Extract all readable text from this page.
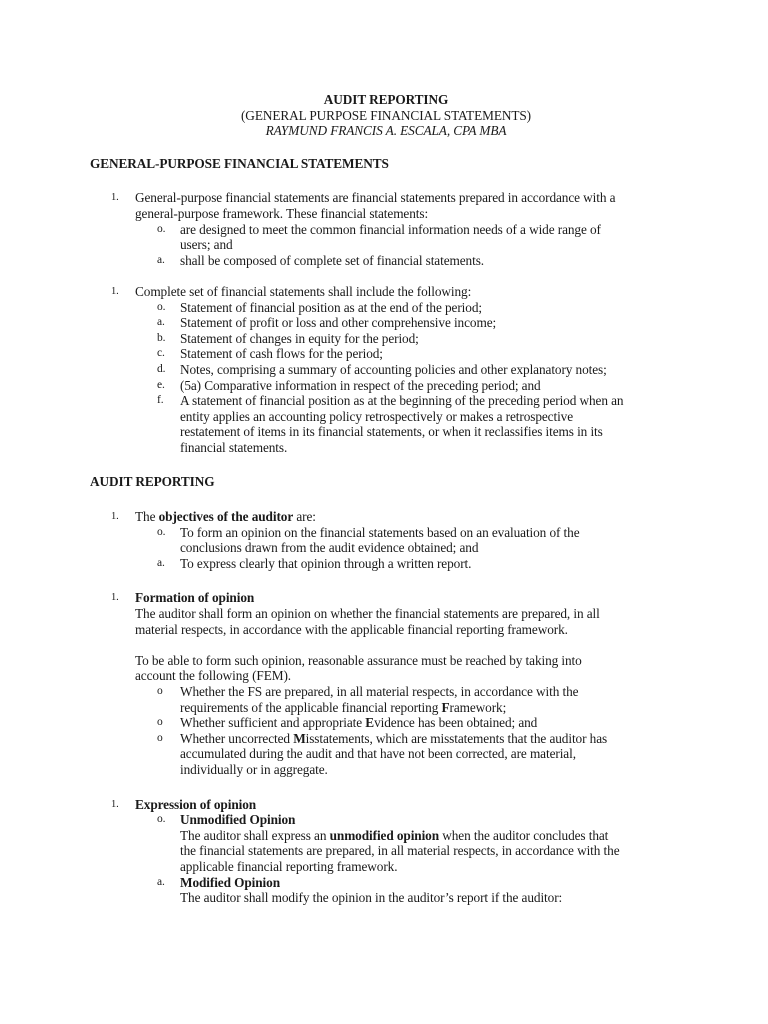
AUDIT REPORTING
(GENERAL PURPOSE FINANCIAL STATEMENTS)
RAYMUND FRANCIS A. ESCALA, CPA MBA
GENERAL-PURPOSE FINANCIAL STATEMENTS
1.	General-purpose financial statements are financial statements prepared in accordance with a
general-purpose framework. These financial statements:
o.	are designed to meet the common financial information needs of a wide range of
users; and
a.	shall be composed of complete set of financial statements.
1.	Complete set of financial statements shall include the following:
o.	Statement of financial position as at the end of the period;
a.	Statement of profit or loss and other comprehensive income;
b.	Statement of changes in equity for the period;
c.	Statement of cash flows for the period;
d.	Notes, comprising a summary of accounting policies and other explanatory notes;
e.	(5a) Comparative information in respect of the preceding period; and
f.	A statement of financial position as at the beginning of the preceding period when an
entity applies an accounting policy retrospectively or makes a retrospective
restatement of items in its financial statements, or when it reclassifies items in its
financial statements.
AUDIT REPORTING
1.	The objectives of the auditor are:
o.	To form an opinion on the financial statements based on an evaluation of the
conclusions drawn from the audit evidence obtained; and
a.	To express clearly that opinion through a written report.
1.	Formation of opinion
The auditor shall form an opinion on whether the financial statements are prepared, in all
material respects, in accordance with the applicable financial reporting framework.
To be able to form such opinion, reasonable assurance must be reached by taking into
account the following (FEM).
o	Whether the FS are prepared, in all material respects, in accordance with the
requirements of the applicable financial reporting Framework;
o	Whether sufficient and appropriate Evidence has been obtained; and
o	Whether uncorrected Misstatements, which are misstatements that the auditor has
accumulated during the audit and that have not been corrected, are material,
individually or in aggregate.
1.	Expression of opinion
o.	Unmodified Opinion
The auditor shall express an unmodified opinion when the auditor concludes that
the financial statements are prepared, in all material respects, in accordance with the
applicable financial reporting framework.
a.	Modified Opinion
The auditor shall modify the opinion in the auditor’s report if the auditor:
